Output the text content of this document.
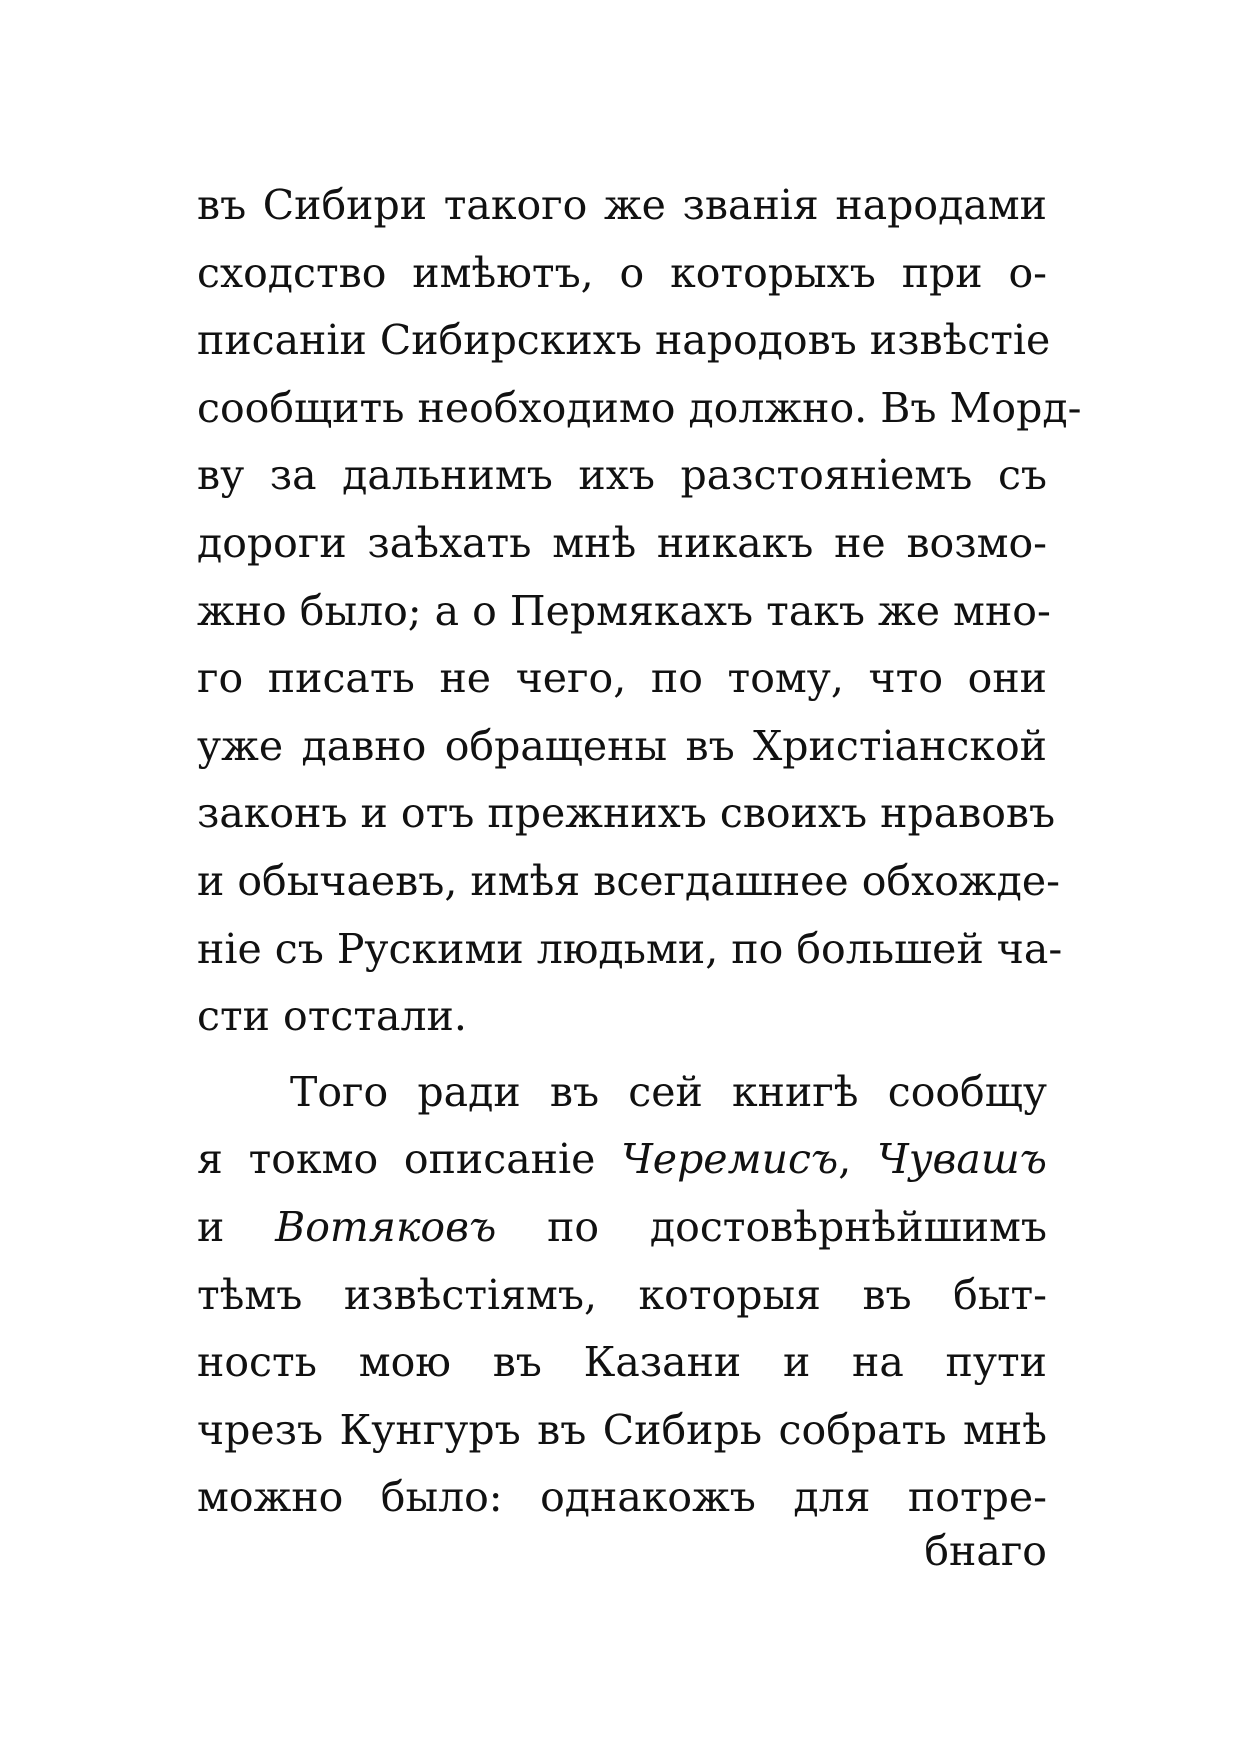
въ Сибири такого же званія народами
сходство имѣютъ, о которыхъ при о-
писаніи Сибирскихъ народовъ извѣстіе
сообщить необходимо должно. Въ Морд-
ву за дальнимъ ихъ разстояніемъ съ
дороги заѣхать мнѣ никакъ не возмо-
жно было; а о Пермякахъ такъ же мно-
го писать не чего, по тому, что они
уже давно обращены въ Христіанской
законъ и отъ прежнихъ своихъ нравовъ
и обычаевъ, имѣя всегдашнее обхожде-
ніе съ Рускими людьми, по большей ча-
сти отстали.
Того ради въ сей книгѣ сообщу
я токмо описаніе Черемисъ, Чувашъ
и Вотяковъ по достовѣрнѣйшимъ
тѣмъ извѣстіямъ, которыя въ быт-
ность мою въ Казани и на пути
чрезъ Кунгуръ въ Сибирь собрать мнѣ
можно было: однакожъ для потре-
бнаго
